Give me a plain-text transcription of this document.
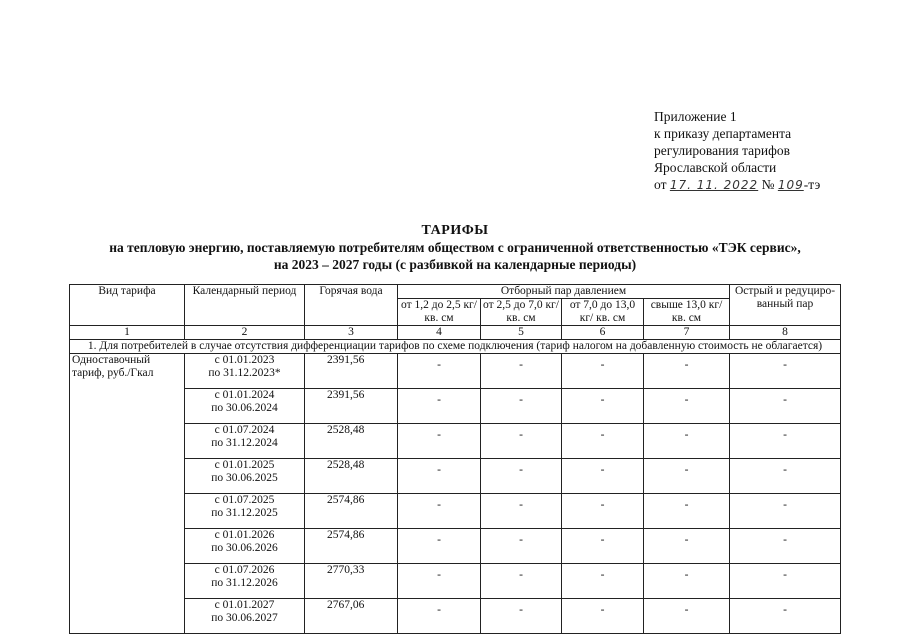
Приложение 1
к приказу департамента
регулирования тарифов
Ярославской области
от 17. 11. 2022 № 109-тэ
ТАРИФЫ
на тепловую энергию, поставляемую потребителям обществом с ограниченной ответственностью «ТЭК сервис»,
на 2023 – 2027 годы (с разбивкой на календарные периоды)
Вид тарифа	Календарный период	Горячая вода	Отборный пар давлением				Острый и редуциро-ванный пар
			от 1,2 до 2,5 кг/ кв. см	от 2,5 до 7,0 кг/ кв. см	от 7,0 до 13,0 кг/ кв. см	свыше 13,0 кг/ кв. см	
1	2	3	4	5	6	7	8
1. Для потребителей в случае отсутствия дифференциации тарифов по схеме подключения (тариф налогом на добавленную стоимость не облагается)							
Одноставочный тариф, руб./Гкал	с 01.01.2023
по 31.12.2023*	2391,56	-	-	-	-	-
	с 01.01.2024
по 30.06.2024	2391,56	-	-	-	-	-
	с 01.07.2024
по 31.12.2024	2528,48	-	-	-	-	-
	с 01.01.2025
по 30.06.2025	2528,48	-	-	-	-	-
	с 01.07.2025
по 31.12.2025	2574,86	-	-	-	-	-
	с 01.01.2026
по 30.06.2026	2574,86	-	-	-	-	-
	с 01.07.2026
по 31.12.2026	2770,33	-	-	-	-	-
	с 01.01.2027
по 30.06.2027	2767,06	-	-	-	-	-
